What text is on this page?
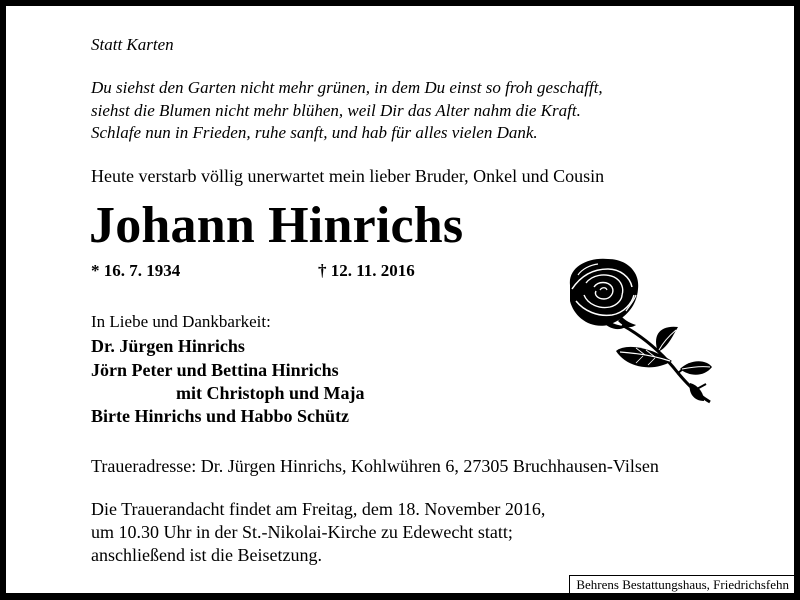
Statt Karten
Du siehst den Garten nicht mehr grünen, in dem Du einst so froh geschafft,
siehst die Blumen nicht mehr blühen, weil Dir das Alter nahm die Kraft.
Schlafe nun in Frieden, ruhe sanft, und hab für alles vielen Dank.
Heute verstarb völlig unerwartet mein lieber Bruder, Onkel und Cousin
Johann Hinrichs
* 16. 7. 1934	† 12. 11. 2016
In Liebe und Dankbarkeit:
Dr. Jürgen Hinrichs
Jörn Peter und Bettina Hinrichs
mit Christoph und Maja
Birte Hinrichs und Habbo Schütz
Traueradresse: Dr. Jürgen Hinrichs, Kohlwühren 6, 27305 Bruchhausen-Vilsen
Die Trauerandacht findet am Freitag, dem 18. November 2016,
um 10.30 Uhr in der St.-Nikolai-Kirche zu Edewecht statt;
anschließend ist die Beisetzung.
Behrens Bestattungshaus, Friedrichsfehn
